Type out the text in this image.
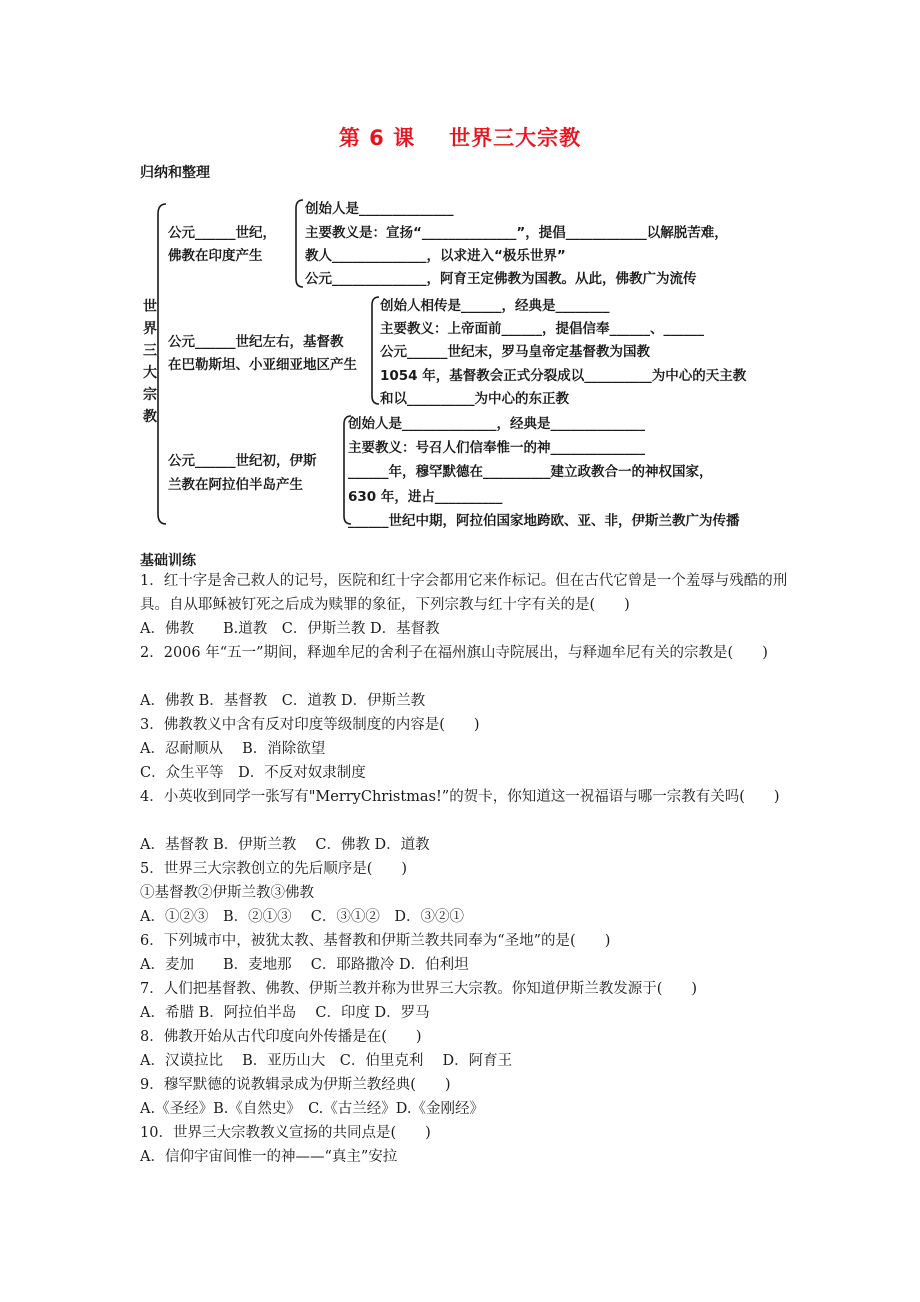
第 6 课 世界三大宗教
归纳和整理
世
界
三
大
宗
教
公元______世纪，
佛教在印度产生
创始人是______________
主要教义是：宣扬“______________”，提倡____________以解脱苦难，
教人______________，以求进入“极乐世界”
公元______________，阿育王定佛教为国教。从此，佛教广为流传
公元______世纪左右，基督教
在巴勒斯坦、小亚细亚地区产生
创始人相传是______，经典是________
主要教义：上帝面前______，提倡信奉______、______
公元______世纪末，罗马皇帝定基督教为国教
1054 年，基督教会正式分裂成以__________为中心的天主教
和以__________为中心的东正教
公元______世纪初，伊斯
兰教在阿拉伯半岛产生
创始人是______________，经典是______________
主要教义：号召人们信奉惟一的神______________
______年，穆罕默德在__________建立政教合一的神权国家，
630 年，进占__________
______世纪中期，阿拉伯国家地跨欧、亚、非，伊斯兰教广为传播
基础训练
1．红十字是舍己救人的记号，医院和红十字会都用它来作标记。但在古代它曾是一个羞辱与残酷的刑具。自从耶稣被钉死之后成为赎罪的象征，下列宗教与红十字有关的是(　　)
A．佛教　　B.道教　C．伊斯兰教 D．基督教
2．2006 年“五一”期间，释迦牟尼的舍利子在福州旗山寺院展出，与释迦牟尼有关的宗教是(　　)
A．佛教 B．基督教　C．道教 D．伊斯兰教
3．佛教教义中含有反对印度等级制度的内容是(　　)
A．忍耐顺从　 B．消除欲望
C．众生平等　D．不反对奴隶制度
4．小英收到同学一张写有"MerryChristmas!”的贺卡，你知道这一祝福语与哪一宗教有关吗(　　)
A．基督教 B．伊斯兰教　 C．佛教 D．道教
5．世界三大宗教创立的先后顺序是(　　)
①基督教②伊斯兰教③佛教
A．①②③　B．②①③　 C．③①②　D．③②①
6．下列城市中，被犹太教、基督教和伊斯兰教共同奉为“圣地”的是(　　)
A．麦加　　B．麦地那　 C．耶路撒冷 D．伯利坦
7．人们把基督教、佛教、伊斯兰教并称为世界三大宗教。你知道伊斯兰教发源于(　　)
A．希腊 B．阿拉伯半岛　 C．印度 D．罗马
8．佛教开始从古代印度向外传播是在(　　)
A．汉谟拉比　 B．亚历山大　C．伯里克利　 D．阿育王
9．穆罕默德的说教辑录成为伊斯兰教经典(　　)
A.《圣经》B.《自然史》　C.《古兰经》D.《金刚经》
10．世界三大宗教教义宣扬的共同点是(　　)
A．信仰宇宙间惟一的神——“真主”安拉
